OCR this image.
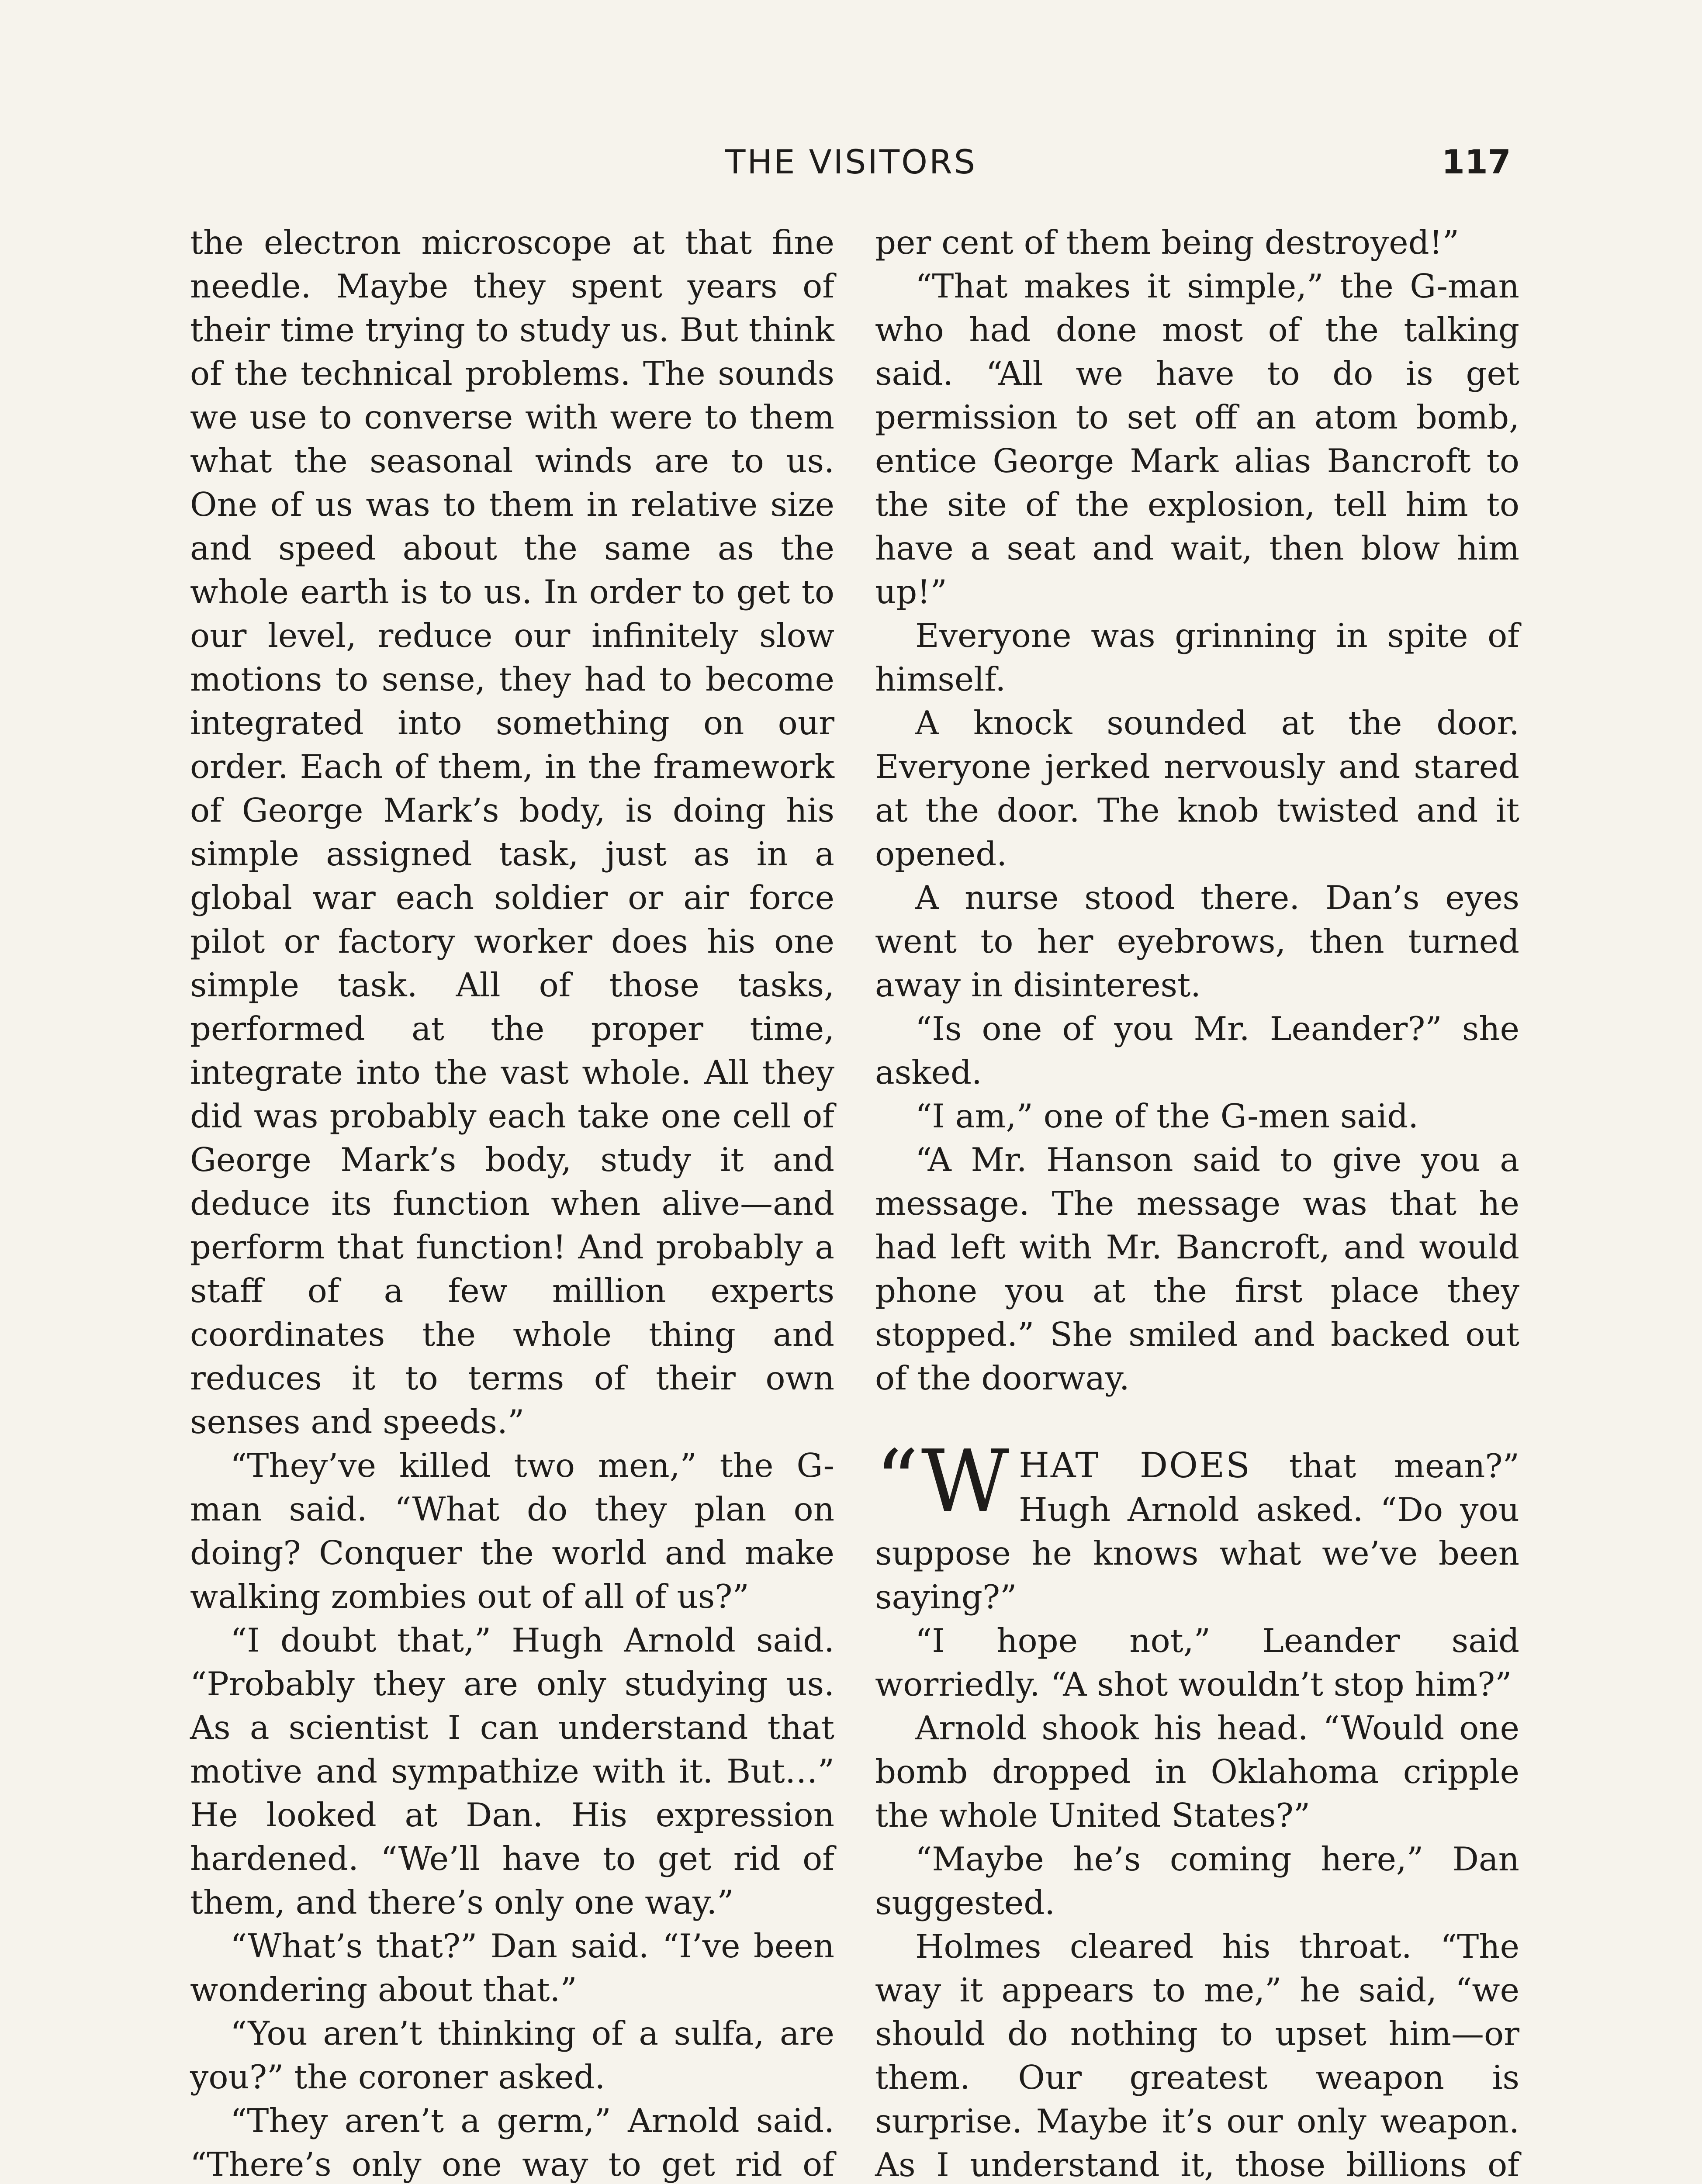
THE VISITORS	117

the electron microscope at that fine needle. Maybe they spent years of their time trying to study us. But think of the technical problems. The sounds we use to converse with were to them what the seasonal winds are to us. One of us was to them in relative size and speed about the same as the whole earth is to us. In order to get to our level, reduce our infinitely slow motions to sense, they had to become integrated into something on our order. Each of them, in the framework of George Mark’s body, is doing his simple assigned task, just as in a global war each soldier or air force pilot or factory worker does his one simple task. All of those tasks, performed at the proper time, integrate into the vast whole. All they did was probably each take one cell of George Mark’s body, study it and deduce its function when alive—and perform that function! And probably a staff of a few million experts coordinates the whole thing and reduces it to terms of their own senses and speeds.”

“They’ve killed two men,” the G-man said. “What do they plan on doing? Conquer the world and make walking zombies out of all of us?”

“I doubt that,” Hugh Arnold said. “Probably they are only studying us. As a scientist I can understand that motive and sympathize with it. But…” He looked at Dan. His expression hardened. “We’ll have to get rid of them, and there’s only one way.”

“What’s that?” Dan said. “I’ve been wondering about that.”

“You aren’t thinking of a sulfa, are you?” the coroner asked.

“They aren’t a germ,” Arnold said. “There’s only one way to get rid of

per cent of them being destroyed!”

“That makes it simple,” the G-man who had done most of the talking said. “All we have to do is get permission to set off an atom bomb, entice George Mark alias Bancroft to the site of the explosion, tell him to have a seat and wait, then blow him up!”

Everyone was grinning in spite of himself.

A knock sounded at the door. Everyone jerked nervously and stared at the door. The knob twisted and it opened.

A nurse stood there. Dan’s eyes went to her eyebrows, then turned away in disinterest.

“Is one of you Mr. Leander?” she asked.

“I am,” one of the G-men said.

“A Mr. Hanson said to give you a message. The message was that he had left with Mr. Bancroft, and would phone you at the first place they stopped.” She smiled and backed out of the doorway.

“WHAT DOES that mean?” Hugh Arnold asked. “Do you suppose he knows what we’ve been saying?”

“I hope not,” Leander said worriedly. “A shot wouldn’t stop him?”

Arnold shook his head. “Would one bomb dropped in Oklahoma cripple the whole United States?”

“Maybe he’s coming here,” Dan suggested.

Holmes cleared his throat. “The way it appears to me,” he said, “we should do nothing to upset him—or them. Our greatest weapon is surprise. Maybe it’s our only weapon. As I understand it, those billions of
